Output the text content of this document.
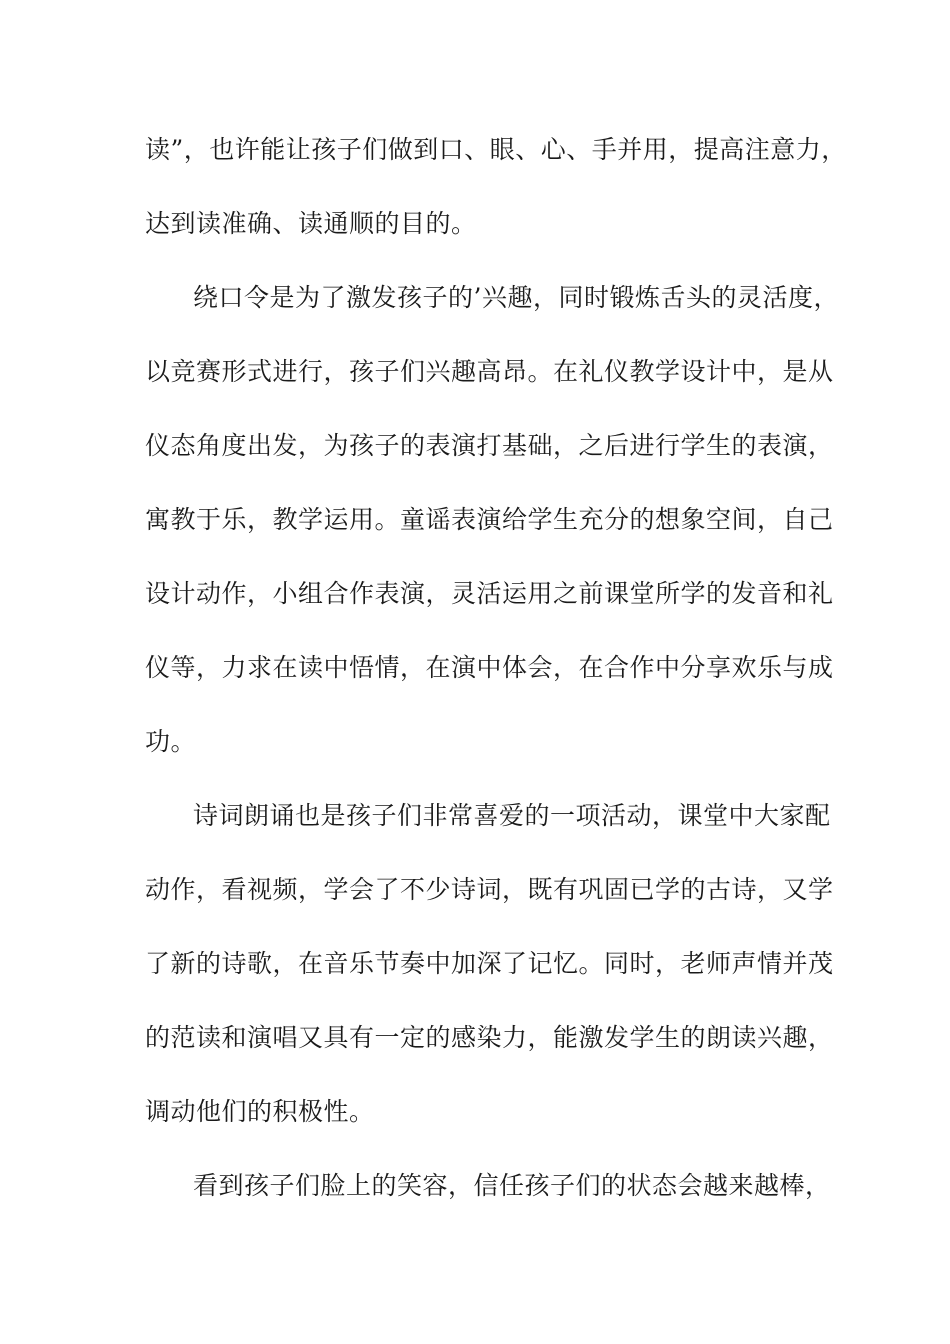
读”，也许能让孩子们做到口、眼、心、手并用，提高注意力，
达到读准确、读通顺的目的。
绕口令是为了激发孩子的’兴趣，同时锻炼舌头的灵活度，
以竞赛形式进行，孩子们兴趣高昂。在礼仪教学设计中，是从
仪态角度出发，为孩子的表演打基础，之后进行学生的表演，
寓教于乐，教学运用。童谣表演给学生充分的想象空间，自己
设计动作，小组合作表演，灵活运用之前课堂所学的发音和礼
仪等，力求在读中悟情，在演中体会，在合作中分享欢乐与成
功。
诗词朗诵也是孩子们非常喜爱的一项活动，课堂中大家配
动作，看视频，学会了不少诗词，既有巩固已学的古诗，又学
了新的诗歌，在音乐节奏中加深了记忆。同时，老师声情并茂
的范读和演唱又具有一定的感染力，能激发学生的朗读兴趣，
调动他们的积极性。
看到孩子们脸上的笑容，信任孩子们的状态会越来越棒，
